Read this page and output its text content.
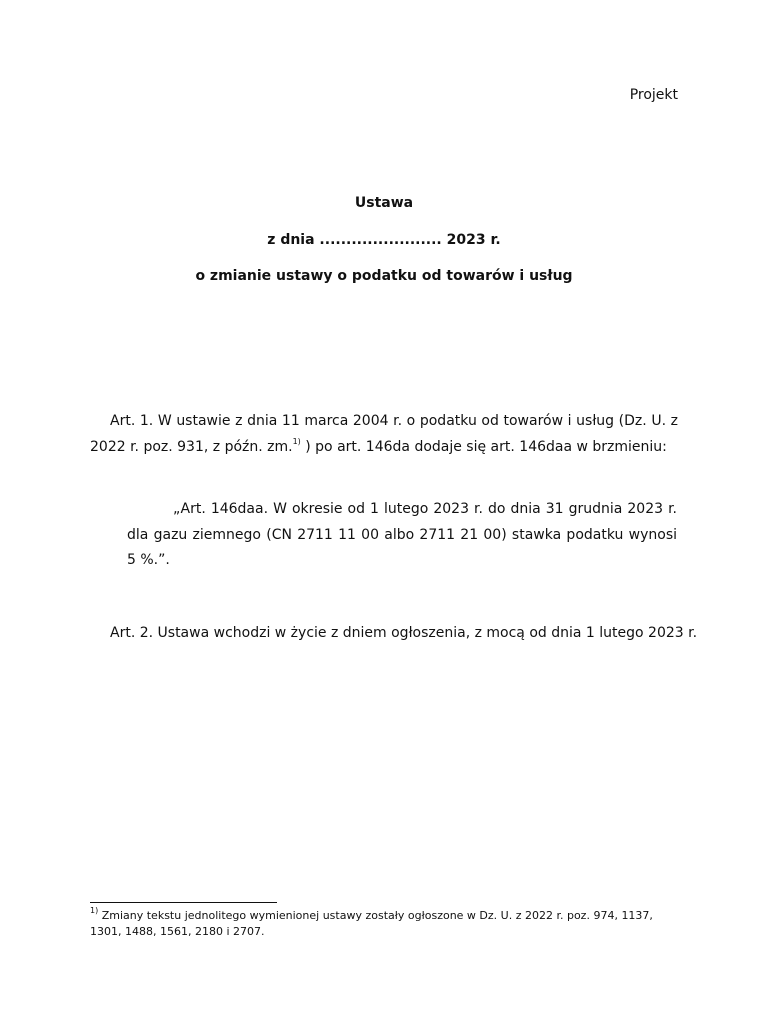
Projekt
Ustawa
z dnia ....................... 2023 r.
o zmianie ustawy o podatku od towarów i usług
Art. 1. W ustawie z dnia 11 marca 2004 r. o podatku od towarów i usług (Dz. U. z 2022 r. poz. 931, z późn. zm.$^{1)}$ ) po art. 146da dodaje się art. 146daa w brzmieniu:
„Art. 146daa. W okresie od 1 lutego 2023 r. do dnia 31 grudnia 2023 r. dla gazu ziemnego (CN 2711 11 00 albo 2711 21 00) stawka podatku wynosi 5 %.”.
Art. 2. Ustawa wchodzi w życie z dniem ogłoszenia, z mocą od dnia 1 lutego 2023 r.
$^{1)}$ Zmiany tekstu jednolitego wymienionej ustawy zostały ogłoszone w Dz. U. z 2022 r. poz. 974, 1137, 1301, 1488, 1561, 2180 i 2707.
